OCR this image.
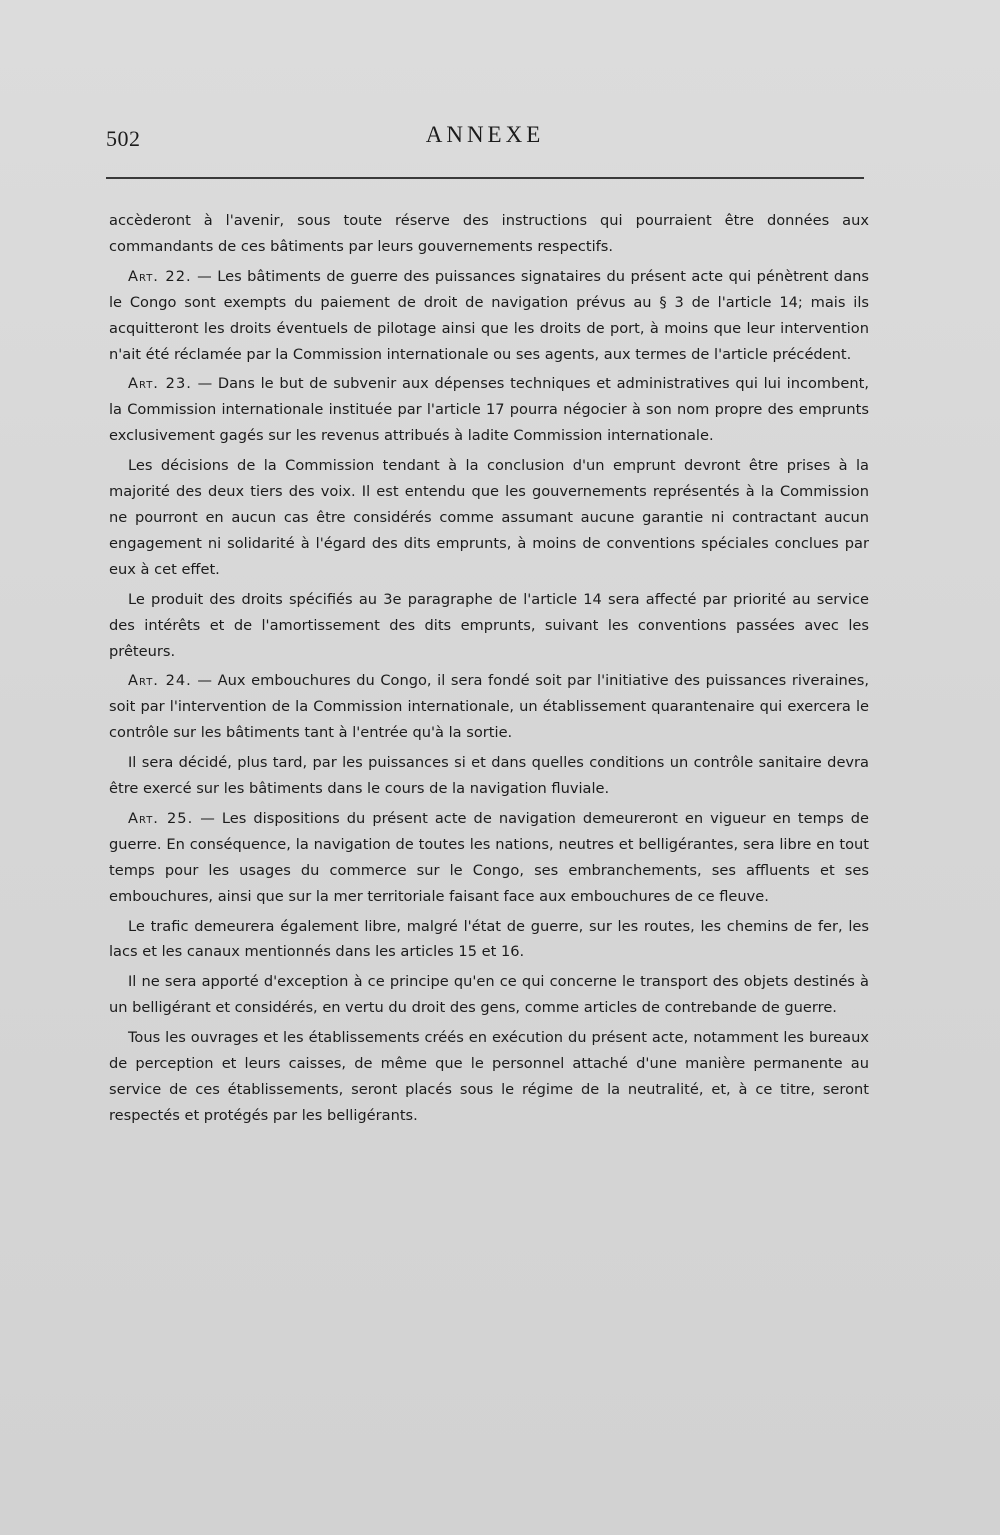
502	ANNEXE

accèderont à l'avenir, sous toute réserve des instructions qui pourraient être données aux commandants de ces bâtiments par leurs gouvernements respectifs.

Art. 22. — Les bâtiments de guerre des puissances signataires du présent acte qui pénètrent dans le Congo sont exempts du paiement de droit de navigation prévus au § 3 de l'article 14; mais ils acquitteront les droits éventuels de pilotage ainsi que les droits de port, à moins que leur intervention n'ait été réclamée par la Commission internationale ou ses agents, aux termes de l'article précédent.

Art. 23. — Dans le but de subvenir aux dépenses techniques et administratives qui lui incombent, la Commission internationale instituée par l'article 17 pourra négocier à son nom propre des emprunts exclusivement gagés sur les revenus attribués à ladite Commission internationale.

Les décisions de la Commission tendant à la conclusion d'un emprunt devront être prises à la majorité des deux tiers des voix. Il est entendu que les gouvernements représentés à la Commission ne pourront en aucun cas être considérés comme assumant aucune garantie ni contractant aucun engagement ni solidarité à l'égard des dits emprunts, à moins de conventions spéciales conclues par eux à cet effet.

Le produit des droits spécifiés au 3e paragraphe de l'article 14 sera affecté par priorité au service des intérêts et de l'amortissement des dits emprunts, suivant les conventions passées avec les prêteurs.

Art. 24. — Aux embouchures du Congo, il sera fondé soit par l'initiative des puissances riveraines, soit par l'intervention de la Commission internationale, un établissement quarantenaire qui exercera le contrôle sur les bâtiments tant à l'entrée qu'à la sortie.

Il sera décidé, plus tard, par les puissances si et dans quelles conditions un contrôle sanitaire devra être exercé sur les bâtiments dans le cours de la navigation fluviale.

Art. 25. — Les dispositions du présent acte de navigation demeureront en vigueur en temps de guerre. En conséquence, la navigation de toutes les nations, neutres et belligérantes, sera libre en tout temps pour les usages du commerce sur le Congo, ses embranchements, ses affluents et ses embouchures, ainsi que sur la mer territoriale faisant face aux embouchures de ce fleuve.

Le trafic demeurera également libre, malgré l'état de guerre, sur les routes, les chemins de fer, les lacs et les canaux mentionnés dans les articles 15 et 16.

Il ne sera apporté d'exception à ce principe qu'en ce qui concerne le transport des objets destinés à un belligérant et considérés, en vertu du droit des gens, comme articles de contrebande de guerre.

Tous les ouvrages et les établissements créés en exécution du présent acte, notamment les bureaux de perception et leurs caisses, de même que le personnel attaché d'une manière permanente au service de ces établissements, seront placés sous le régime de la neutralité, et, à ce titre, seront respectés et protégés par les belligérants.
